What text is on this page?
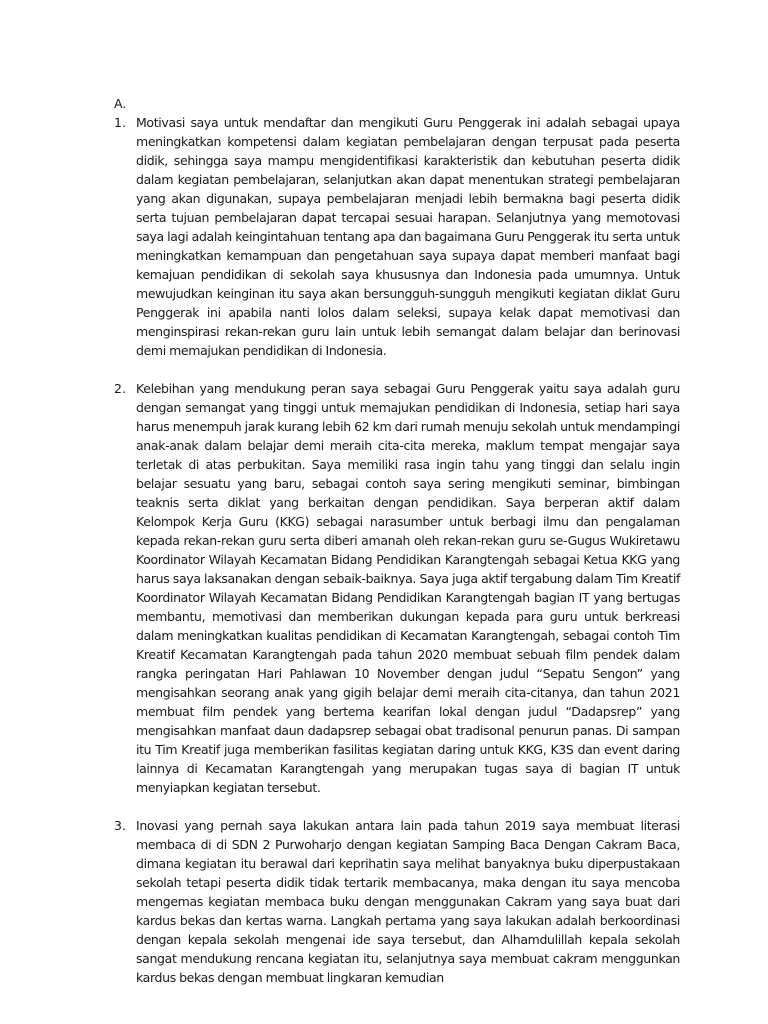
A.
1. Motivasi saya untuk mendaftar dan mengikuti Guru Penggerak ini adalah sebagai upaya meningkatkan kompetensi dalam kegiatan pembelajaran dengan terpusat pada peserta didik, sehingga saya mampu mengidentifikasi karakteristik dan kebutuhan peserta didik dalam kegiatan pembelajaran, selanjutkan akan dapat menentukan strategi pembelajaran yang akan digunakan, supaya pembelajaran menjadi lebih bermakna bagi peserta didik serta tujuan pembelajaran dapat tercapai sesuai harapan. Selanjutnya yang memotovasi saya lagi adalah keingintahuan tentang apa dan bagaimana Guru Penggerak itu serta untuk meningkatkan kemampuan dan pengetahuan saya supaya dapat memberi manfaat bagi kemajuan pendidikan di sekolah saya khususnya dan Indonesia pada umumnya. Untuk mewujudkan keinginan itu saya akan bersungguh-sungguh mengikuti kegiatan diklat Guru Penggerak ini apabila nanti lolos dalam seleksi, supaya kelak dapat memotivasi dan menginspirasi rekan-rekan guru lain untuk lebih semangat dalam belajar dan berinovasi demi memajukan pendidikan di Indonesia.

2. Kelebihan yang mendukung peran saya sebagai Guru Penggerak yaitu saya adalah guru dengan semangat yang tinggi untuk memajukan pendidikan di Indonesia, setiap hari saya harus menempuh jarak kurang lebih 62 km dari rumah menuju sekolah untuk mendampingi anak-anak dalam belajar demi meraih cita-cita mereka, maklum tempat mengajar saya terletak di atas perbukitan. Saya memiliki rasa ingin tahu yang tinggi dan selalu ingin belajar sesuatu yang baru, sebagai contoh saya sering mengikuti seminar, bimbingan teaknis serta diklat yang berkaitan dengan pendidikan. Saya berperan aktif dalam Kelompok Kerja Guru (KKG) sebagai narasumber untuk berbagi ilmu dan pengalaman kepada rekan-rekan guru serta diberi amanah oleh rekan-rekan guru se-Gugus Wukiretawu Koordinator Wilayah Kecamatan Bidang Pendidikan Karangtengah sebagai Ketua KKG yang harus saya laksanakan dengan sebaik-baiknya. Saya juga aktif tergabung dalam Tim Kreatif Koordinator Wilayah Kecamatan Bidang Pendidikan Karangtengah bagian IT yang bertugas membantu, memotivasi dan memberikan dukungan kepada para guru untuk berkreasi dalam meningkatkan kualitas pendidikan di Kecamatan Karangtengah, sebagai contoh Tim Kreatif Kecamatan Karangtengah pada tahun 2020 membuat sebuah film pendek dalam rangka peringatan Hari Pahlawan 10 November dengan judul “Sepatu Sengon” yang mengisahkan seorang anak yang gigih belajar demi meraih cita-citanya, dan tahun 2021 membuat film pendek yang bertema kearifan lokal dengan judul “Dadapsrep” yang mengisahkan manfaat daun dadapsrep sebagai obat tradisonal penurun panas. Di sampan itu Tim Kreatif juga memberikan fasilitas kegiatan daring untuk KKG, K3S dan event daring lainnya di Kecamatan Karangtengah yang merupakan tugas saya di bagian IT untuk menyiapkan kegiatan tersebut.

3. Inovasi yang pernah saya lakukan antara lain pada tahun 2019 saya membuat literasi membaca di di SDN 2 Purwoharjo dengan kegiatan Samping Baca Dengan Cakram Baca, dimana kegiatan itu berawal dari keprihatin saya melihat banyaknya buku diperpustakaan sekolah tetapi peserta didik tidak tertarik membacanya, maka dengan itu saya mencoba mengemas kegiatan membaca buku dengan menggunakan Cakram yang saya buat dari kardus bekas dan kertas warna. Langkah pertama yang saya lakukan adalah berkoordinasi dengan kepala sekolah mengenai ide saya tersebut, dan Alhamdulillah kepala sekolah sangat mendukung rencana kegiatan itu, selanjutnya saya membuat cakram menggunkan kardus bekas dengan membuat lingkaran kemudian
